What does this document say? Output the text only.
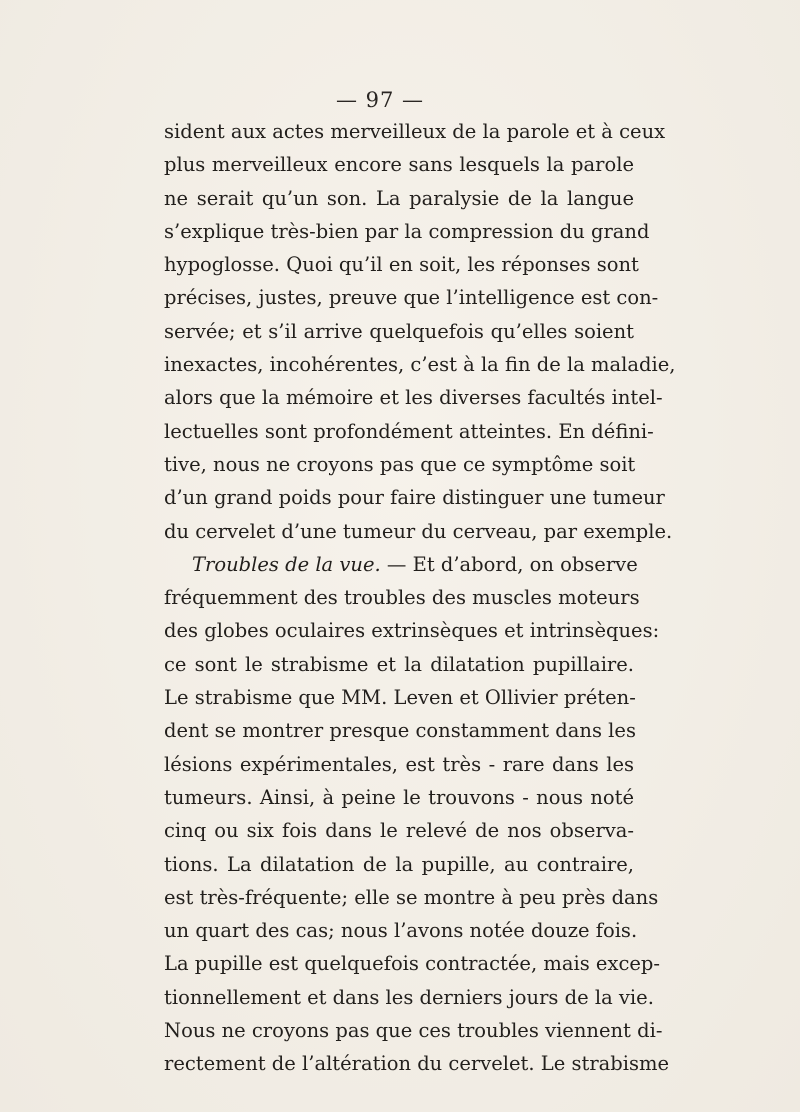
— 97 —
sident aux actes merveilleux de la parole et à ceux
plus merveilleux encore sans lesquels la parole
ne serait qu’un son. La paralysie de la langue
s’explique très-bien par la compression du grand
hypoglosse. Quoi qu’il en soit, les réponses sont
précises, justes, preuve que l’intelligence est con-
servée; et s’il arrive quelquefois qu’elles soient
inexactes, incohérentes, c’est à la fin de la maladie,
alors que la mémoire et les diverses facultés intel-
lectuelles sont profondément atteintes. En défini-
tive, nous ne croyons pas que ce symptôme soit
d’un grand poids pour faire distinguer une tumeur
du cervelet d’une tumeur du cerveau, par exemple.
Troubles de la vue. — Et d’abord, on observe
fréquemment des troubles des muscles moteurs
des globes oculaires extrinsèques et intrinsèques:
ce sont le strabisme et la dilatation pupillaire.
Le strabisme que MM. Leven et Ollivier préten-
dent se montrer presque constamment dans les
lésions expérimentales, est très - rare dans les
tumeurs. Ainsi, à peine le trouvons - nous noté
cinq ou six fois dans le relevé de nos observa-
tions. La dilatation de la pupille, au contraire,
est très-fréquente; elle se montre à peu près dans
un quart des cas; nous l’avons notée douze fois.
La pupille est quelquefois contractée, mais excep-
tionnellement et dans les derniers jours de la vie.
Nous ne croyons pas que ces troubles viennent di-
rectement de l’altération du cervelet. Le strabisme
